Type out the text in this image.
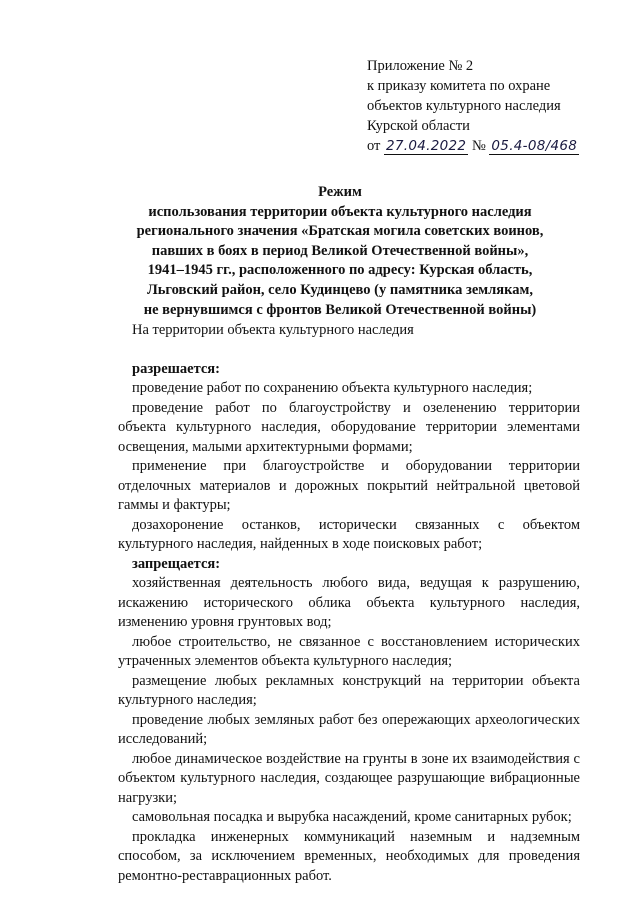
Приложение № 2
к приказу комитета по охране
объектов культурного наследия
Курской области
от 27.04.2022 № 05.4-08/468
Режим
использования территории объекта культурного наследия
регионального значения «Братская могила советских воинов,
павших в боях в период Великой Отечественной войны»,
1941–1945 гг., расположенного по адресу: Курская область,
Льговский район, село Кудинцево (у памятника землякам,
не вернувшимся с фронтов Великой Отечественной войны)

На территории объекта культурного наследия

разрешается:

проведение работ по сохранению объекта культурного наследия;

проведение работ по благоустройству и озеленению территории объекта культурного наследия, оборудование территории элементами освещения, малыми архитектурными формами;

применение при благоустройстве и оборудовании территории отделочных материалов и дорожных покрытий нейтральной цветовой гаммы и фактуры;

дозахоронение останков, исторически связанных с объектом культурного наследия, найденных в ходе поисковых работ;

запрещается:

хозяйственная деятельность любого вида, ведущая к разрушению, искажению исторического облика объекта культурного наследия, изменению уровня грунтовых вод;

любое строительство, не связанное с восстановлением исторических утраченных элементов объекта культурного наследия;

размещение любых рекламных конструкций на территории объекта культурного наследия;

проведение любых земляных работ без опережающих археологических исследований;

любое динамическое воздействие на грунты в зоне их взаимодействия с объектом культурного наследия, создающее разрушающие вибрационные нагрузки;

самовольная посадка и вырубка насаждений, кроме санитарных рубок;

прокладка инженерных коммуникаций наземным и надземным способом, за исключением временных, необходимых для проведения ремонтно-реставрационных работ.
